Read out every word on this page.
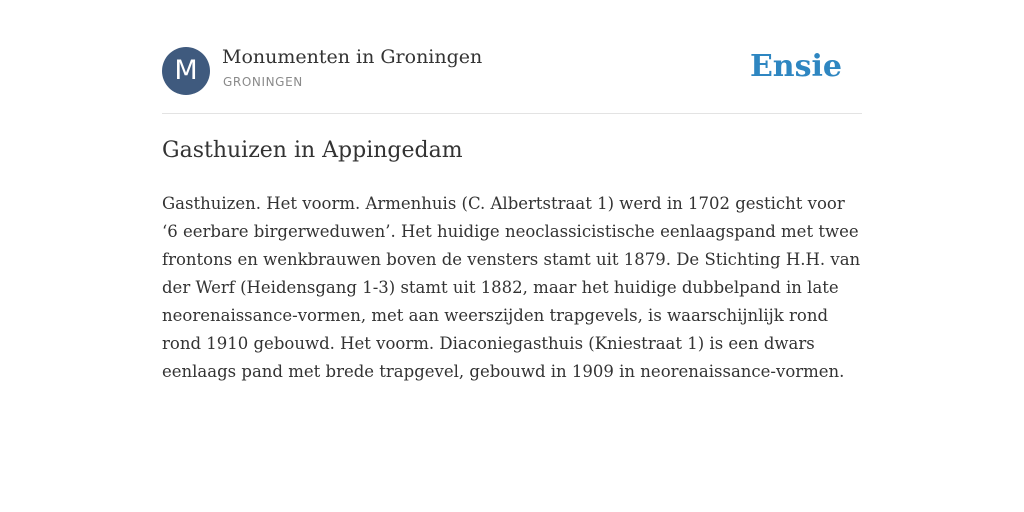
M	Monumenten in Groningen
GRONINGEN	Ensie
Gasthuizen in Appingedam

Gasthuizen. Het voorm. Armenhuis (C. Albertstraat 1) werd in 1702 gesticht voor ‘6 eerbare birgerweduwen’. Het huidige neoclassicistische eenlaagspand met twee frontons en wenkbrauwen boven de vensters stamt uit 1879. De Stichting H.H. van der Werf (Heidensgang 1-3) stamt uit 1882, maar het huidige dubbelpand in late neorenaissance-vormen, met aan weerszijden trapgevels, is waarschijnlijk rond rond 1910 gebouwd. Het voorm. Diaconiegasthuis (Kniestraat 1) is een dwars eenlaags pand met brede trapgevel, gebouwd in 1909 in neorenaissance-vormen.
